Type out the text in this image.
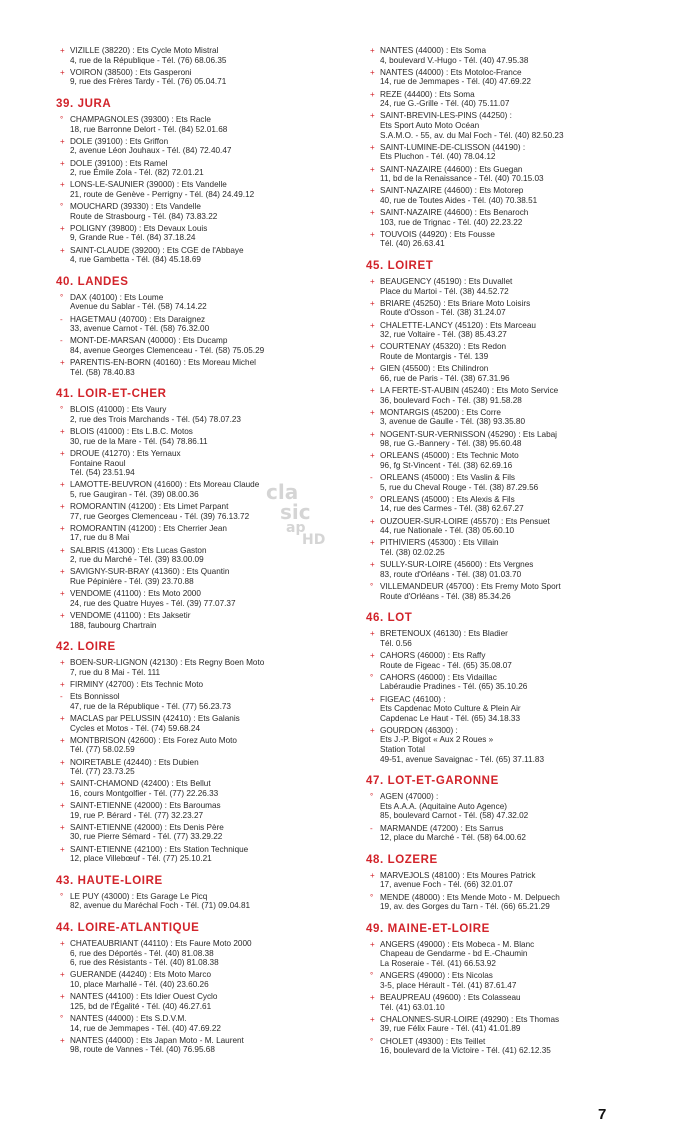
+ VIZILLE (38220) : Ets Cycle Moto Mistral
4, rue de la République - Tél. (76) 68.06.35
+ VOIRON (38500) : Ets Gasperoni
9, rue des Frères Tardy - Tél. (76) 05.04.71
39. JURA
° CHAMPAGNOLES (39300) : Ets Racle
18, rue Barronne Delort - Tél. (84) 52.01.68
+ DOLE (39100) : Ets Griffon
2, avenue Léon Jouhaux - Tél. (84) 72.40.47
+ DOLE (39100) : Ets Ramel
2, rue Émile Zola - Tél. (82) 72.01.21
+ LONS-LE-SAUNIER (39000) : Ets Vandelle
21, route de Genève - Perrigny - Tél. (84) 24.49.12
° MOUCHARD (39330) : Ets Vandelle
Route de Strasbourg - Tél. (84) 73.83.22
+ POLIGNY (39800) : Ets Devaux Louis
9, Grande Rue - Tél. (84) 37.18.24
+ SAINT-CLAUDE (39200) : Ets CGE de l'Abbaye
4, rue Gambetta - Tél. (84) 45.18.69
40. LANDES
° DAX (40100) : Ets Loume
Avenue du Sablar - Tél. (58) 74.14.22
- HAGETMAU (40700) : Ets Daraignez
33, avenue Carnot - Tél. (58) 76.32.00
- MONT-DE-MARSAN (40000) : Ets Ducamp
84, avenue Georges Clemenceau - Tél. (58) 75.05.29
+ PARENTIS-EN-BORN (40160) : Ets Moreau Michel
Tél. (58) 78.40.83
41. LOIR-ET-CHER
° BLOIS (41000) : Ets Vaury
2, rue des Trois Marchands - Tél. (54) 78.07.23
+ BLOIS (41000) : Ets L.B.C. Motos
30, rue de la Mare - Tél. (54) 78.86.11
+ DROUE (41270) : Ets Yernaux
Fontaine Raoul
Tél. (54) 23.51.94
+ LAMOTTE-BEUVRON (41600) : Ets Moreau Claude
5, rue Gaugiran - Tél. (39) 08.00.36
+ ROMORANTIN (41200) : Ets Limet Parpant
77, rue Georges Clemenceau - Tél. (39) 76.13.72
+ ROMORANTIN (41200) : Ets Cherrier Jean
17, rue du 8 Mai
+ SALBRIS (41300) : Ets Lucas Gaston
2, rue du Marché - Tél. (39) 83.00.09
+ SAVIGNY-SUR-BRAY (41360) : Ets Quantin
Rue Pépinière - Tél. (39) 23.70.88
+ VENDOME (41100) : Ets Moto 2000
24, rue des Quatre Huyes - Tél. (39) 77.07.37
+ VENDOME (41100) : Ets Jaksetir
188, faubourg Chartrain
42. LOIRE
+ BOEN-SUR-LIGNON (42130) : Ets Regny Boen Moto
7, rue du 8 Mai - Tél. 111
+ FIRMINY (42700) : Ets Technic Moto
- Ets Bonnissol
47, rue de la République - Tél. (77) 56.23.73
+ MACLAS par PELUSSIN (42410) : Ets Galanis
Cycles et Motos - Tél. (74) 59.68.24
+ MONTBRISON (42600) : Ets Forez Auto Moto
Tél. (77) 58.02.59
+ NOIRETABLE (42440) : Ets Dubien
Tél. (77) 23.73.25
+ SAINT-CHAMOND (42400) : Ets Bellut
16, cours Montgolfier - Tél. (77) 22.26.33
+ SAINT-ETIENNE (42000) : Ets Baroumas
19, rue P. Bérard - Tél. (77) 32.23.27
+ SAINT-ETIENNE (42000) : Ets Denis Père
30, rue Pierre Sémard - Tél. (77) 33.29.22
+ SAINT-ETIENNE (42100) : Ets Station Technique
12, place Villebœuf - Tél. (77) 25.10.21
43. HAUTE-LOIRE
° LE PUY (43000) : Ets Garage Le Picq
82, avenue du Maréchal Foch - Tél. (71) 09.04.81
44. LOIRE-ATLANTIQUE
+ CHATEAUBRIANT (44110) : Ets Faure Moto 2000
6, rue des Déportés - Tél. (40) 81.08.38
6, rue des Résistants - Tél. (40) 81.08.38
+ GUERANDE (44240) : Ets Moto Marco
10, place Marhallé - Tél. (40) 23.60.26
+ NANTES (44100) : Ets Idier Ouest Cyclo
125, bd de l'Égalité - Tél. (40) 46.27.61
° NANTES (44000) : Ets S.D.V.M.
14, rue de Jemmapes - Tél. (40) 47.69.22
+ NANTES (44000) : Ets Japan Moto - M. Laurent
98, route de Vannes - Tél. (40) 76.95.68
+ NANTES (44000) : Ets Soma
4, boulevard V.-Hugo - Tél. (40) 47.95.38
+ NANTES (44000) : Ets Motoloc-France
14, rue de Jemmapes - Tél. (40) 47.69.22
+ REZE (44400) : Ets Soma
24, rue G.-Grille - Tél. (40) 75.11.07
+ SAINT-BREVIN-LES-PINS (44250) :
Ets Sport Auto Moto Océan
S.A.M.O. - 55, av. du Mal Foch - Tél. (40) 82.50.23
+ SAINT-LUMINE-DE-CLISSON (44190) :
Ets Pluchon - Tél. (40) 78.04.12
+ SAINT-NAZAIRE (44600) : Ets Guegan
11, bd de la Renaissance - Tél. (40) 70.15.03
+ SAINT-NAZAIRE (44600) : Ets Motorep
40, rue de Toutes Aides - Tél. (40) 70.38.51
+ SAINT-NAZAIRE (44600) : Ets Benaroch
103, rue de Trignac - Tél. (40) 22.23.22
+ TOUVOIS (44920) : Ets Fousse
Tél. (40) 26.63.41
45. LOIRET
+ BEAUGENCY (45190) : Ets Duvallet
Place du Martoi - Tél. (38) 44.52.72
+ BRIARE (45250) : Ets Briare Moto Loisirs
Route d'Osson - Tél. (38) 31.24.07
+ CHALETTE-LANCY (45120) : Ets Marceau
32, rue Voltaire - Tél. (38) 85.43.27
+ COURTENAY (45320) : Ets Redon
Route de Montargis - Tél. 139
+ GIEN (45500) : Ets Chilindron
66, rue de Paris - Tél. (38) 67.31.96
+ LA FERTE-ST-AUBIN (45240) : Ets Moto Service
36, boulevard Foch - Tél. (38) 91.58.28
+ MONTARGIS (45200) : Ets Corre
3, avenue de Gaulle - Tél. (38) 93.35.80
+ NOGENT-SUR-VERNISSON (45290) : Ets Labaj
98, rue G.-Bannery - Tél. (38) 95.60.48
+ ORLEANS (45000) : Ets Technic Moto
96, fg St-Vincent - Tél. (38) 62.69.16
- ORLEANS (45000) : Ets Vaslin & Fils
5, rue du Cheval Rouge - Tél. (38) 87.29.56
° ORLEANS (45000) : Ets Alexis & Fils
14, rue des Carmes - Tél. (38) 62.67.27
+ OUZOUER-SUR-LOIRE (45570) : Ets Pensuet
44, rue Nationale - Tél. (38) 05.60.10
+ PITHIVIERS (45300) : Ets Villain
Tél. (38) 02.02.25
+ SULLY-SUR-LOIRE (45600) : Ets Vergnes
83, route d'Orléans - Tél. (38) 01.03.70
° VILLEMANDEUR (45700) : Ets Fremy Moto Sport
Route d'Orléans - Tél. (38) 85.34.26
46. LOT
+ BRETENOUX (46130) : Ets Bladier
Tél. 0.56
+ CAHORS (46000) : Ets Raffy
Route de Figeac - Tél. (65) 35.08.07
° CAHORS (46000) : Ets Vidaillac
Labéraudie Pradines - Tél. (65) 35.10.26
+ FIGEAC (46100) :
Ets Capdenac Moto Culture & Plein Air
Capdenac Le Haut - Tél. (65) 34.18.33
+ GOURDON (46300) :
Ets J.-P. Bigot « Aux 2 Roues »
Station Total
49-51, avenue Savaignac - Tél. (65) 37.11.83
47. LOT-ET-GARONNE
° AGEN (47000) :
Ets A.A.A. (Aquitaine Auto Agence)
85, boulevard Carnot - Tél. (58) 47.32.02
- MARMANDE (47200) : Ets Sarrus
12, place du Marché - Tél. (58) 64.00.62
48. LOZERE
+ MARVEJOLS (48100) : Ets Moures Patrick
17, avenue Foch - Tél. (66) 32.01.07
° MENDE (48000) : Ets Mende Moto - M. Delpuech
19, av. des Gorges du Tarn - Tél. (66) 65.21.29
49. MAINE-ET-LOIRE
+ ANGERS (49000) : Ets Mobeca - M. Blanc
Chapeau de Gendarme - bd E.-Chaumin
La Roseraie - Tél. (41) 66.53.92
° ANGERS (49000) : Ets Nicolas
3-5, place Hérault - Tél. (41) 87.61.47
+ BEAUPREAU (49600) : Ets Colasseau
Tél. (41) 63.01.10
+ CHALONNES-SUR-LOIRE (49290) : Ets Thomas
39, rue Félix Faure - Tél. (41) 41.01.89
° CHOLET (49300) : Ets Teillet
16, boulevard de la Victoire - Tél. (41) 62.12.35
cla
sic
ap
HD
7
